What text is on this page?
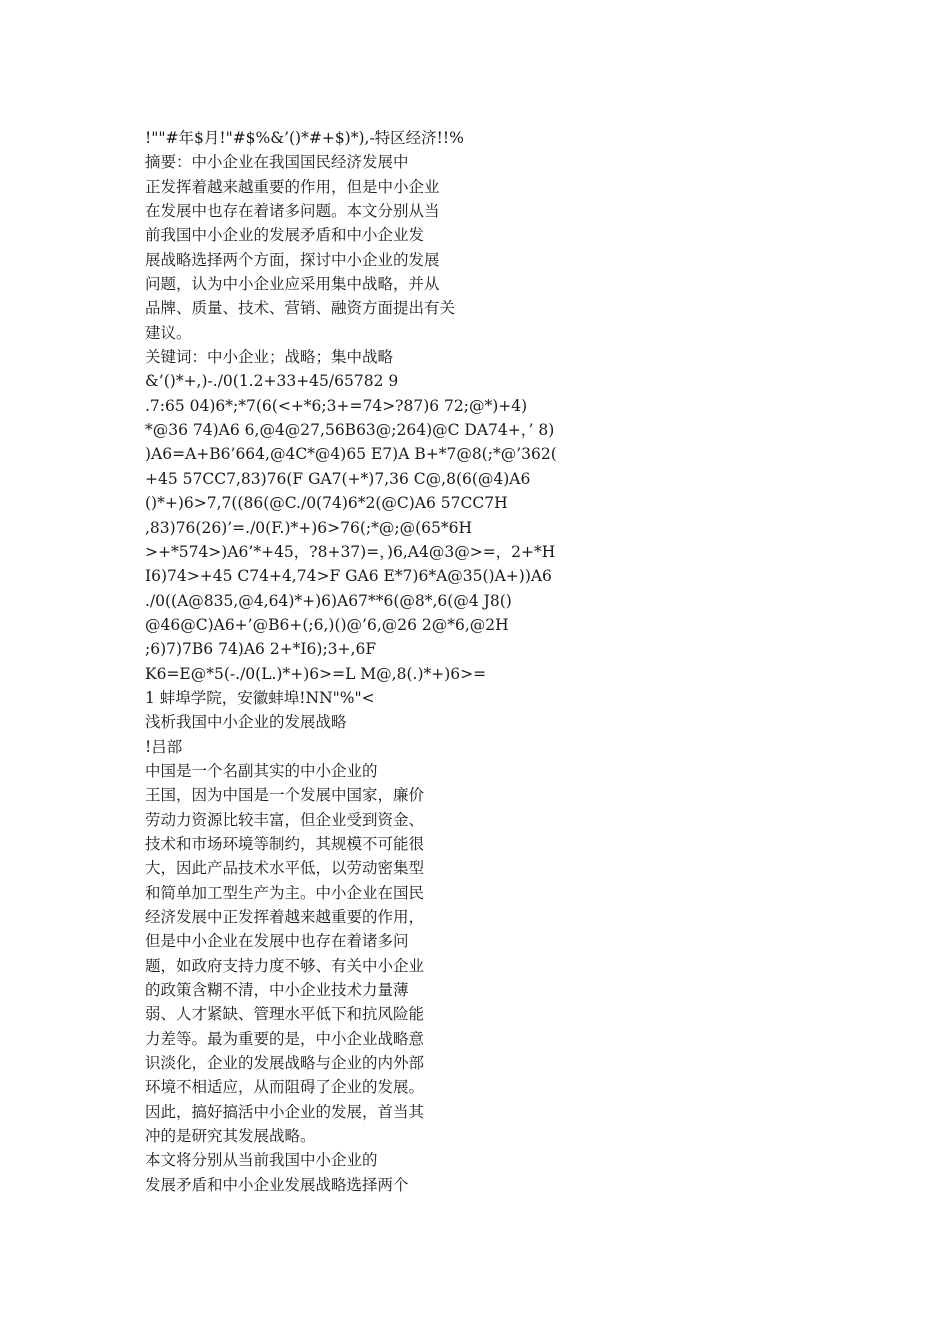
!""#年$月!"#$%&’()*#+$)*),-特区经济!!%
摘要：中小企业在我国国民经济发展中
正发挥着越来越重要的作用，但是中小企业
在发展中也存在着诸多问题。本文分别从当
前我国中小企业的发展矛盾和中小企业发
展战略选择两个方面，探讨中小企业的发展
问题，认为中小企业应采用集中战略，并从
品牌、质量、技术、营销、融资方面提出有关
建议。
关键词：中小企业；战略；集中战略
&’()*+,)-./0(1.2+33+45/65782 9
.7:65 04)6*;*7(6(<+*6;3+=74>?87)6 72;@*)+4)
*@36 74)A6 6,@4@27,56B63@;264)@C DA74+，’ 8)
)A6=A+B6’664,@4C*@4)65 E7)A B+*7@8(;*@’362(
+45 57CC7,83)76(F GA7(+*)7,36 C@,8(6(@4)A6
()*+)6>7,7((86(@C./0(74)6*2(@C)A6 57CC7H
,83)76(26)’=./0(F.)*+)6>76(;*@;@(65*6H
>+*574>)A6’*+45，?8+37)=，)6,A4@3@>=，2+*H
I6)74>+45 C74+4,74>F GA6 E*7)6*A@35()A+))A6
./0((A@835,@4,64)*+)6)A67**6(@8*,6(@4 J8()
@46@C)A6+’@B6+(;6,)()@’6,@26 2@*6,@2H
;6)7)7B6 74)A6 2+*I6);3+,6F
K6=E@*5(-./0(L.)*+)6>=L M@,8(.)*+)6>=
1 蚌埠学院，安徽蚌埠!NN"%"<
浅析我国中小企业的发展战略
!吕部
中国是一个名副其实的中小企业的
王国，因为中国是一个发展中国家，廉价
劳动力资源比较丰富，但企业受到资金、
技术和市场环境等制约，其规模不可能很
大，因此产品技术水平低，以劳动密集型
和简单加工型生产为主。中小企业在国民
经济发展中正发挥着越来越重要的作用，
但是中小企业在发展中也存在着诸多问
题，如政府支持力度不够、有关中小企业
的政策含糊不清，中小企业技术力量薄
弱、人才紧缺、管理水平低下和抗风险能
力差等。最为重要的是，中小企业战略意
识淡化，企业的发展战略与企业的内外部
环境不相适应，从而阻碍了企业的发展。
因此，搞好搞活中小企业的发展，首当其
冲的是研究其发展战略。
本文将分别从当前我国中小企业的
发展矛盾和中小企业发展战略选择两个
